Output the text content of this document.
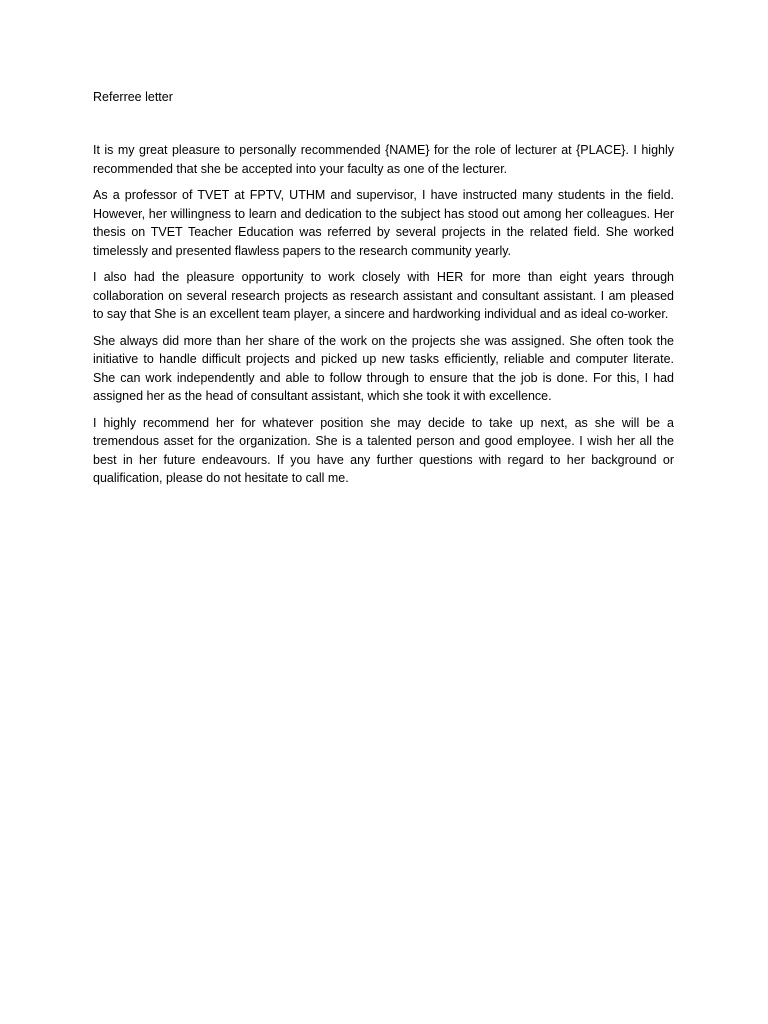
Referree letter

It is my great pleasure to personally recommended {NAME} for the role of lecturer at {PLACE}. I highly recommended that she be accepted into your faculty as one of the lecturer.

As a professor of TVET at FPTV, UTHM and supervisor, I have instructed many students in the field. However, her willingness to learn and dedication to the subject has stood out among her colleagues. Her thesis on TVET Teacher Education was referred by several projects in the related field. She worked timelessly and presented flawless papers to the research community yearly.

I also had the pleasure opportunity to work closely with HER for more than eight years through collaboration on several research projects as research assistant and consultant assistant. I am pleased to say that She is an excellent team player, a sincere and hardworking individual and as ideal co-worker.

She always did more than her share of the work on the projects she was assigned. She often took the initiative to handle difficult projects and picked up new tasks efficiently, reliable and computer literate. She can work independently and able to follow through to ensure that the job is done. For this, I had assigned her as the head of consultant assistant, which she took it with excellence.

I highly recommend her for whatever position she may decide to take up next, as she will be a tremendous asset for the organization. She is a talented person and good employee. I wish her all the best in her future endeavours. If you have any further questions with regard to her background or qualification, please do not hesitate to call me.
